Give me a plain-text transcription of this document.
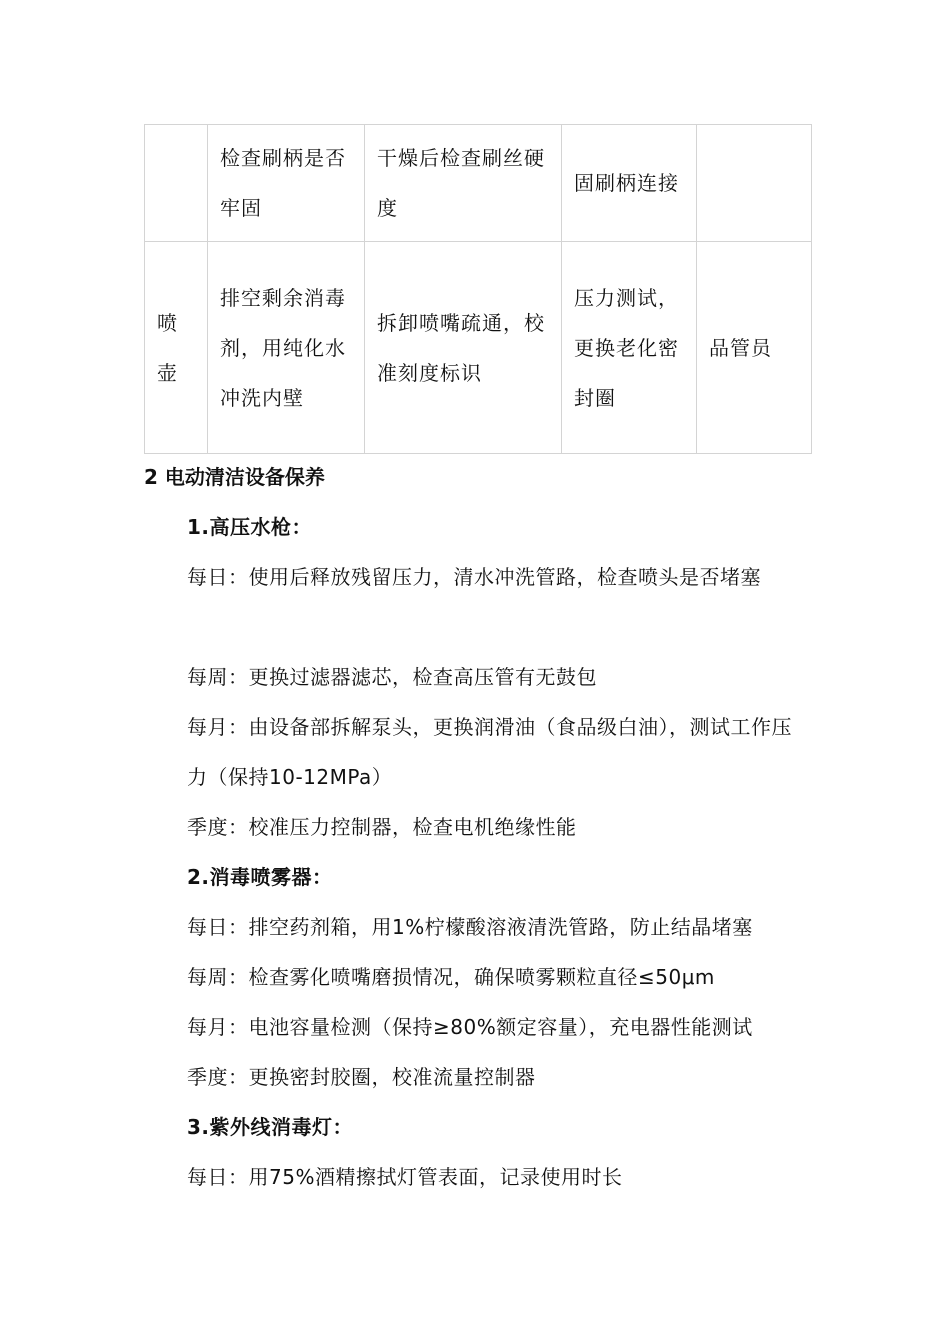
	检查刷柄是否牢固	干燥后检查刷丝硬度	固刷柄连接	
喷壶	排空剩余消毒剂，用纯化水冲洗内壁	拆卸喷嘴疏通，校准刻度标识	压力测试，更换老化密封圈	品管员
2 电动清洁设备保养
1.高压水枪：
每日：使用后释放残留压力，清水冲洗管路，检查喷头是否堵塞
每周：更换过滤器滤芯，检查高压管有无鼓包
每月：由设备部拆解泵头，更换润滑油（食品级白油），测试工作压力（保持10-12MPa）
季度：校准压力控制器，检查电机绝缘性能
2.消毒喷雾器：
每日：排空药剂箱，用1%柠檬酸溶液清洗管路，防止结晶堵塞
每周：检查雾化喷嘴磨损情况，确保喷雾颗粒直径≤50μm
每月：电池容量检测（保持≥80%额定容量），充电器性能测试
季度：更换密封胶圈，校准流量控制器
3.紫外线消毒灯：
每日：用75%酒精擦拭灯管表面，记录使用时长
